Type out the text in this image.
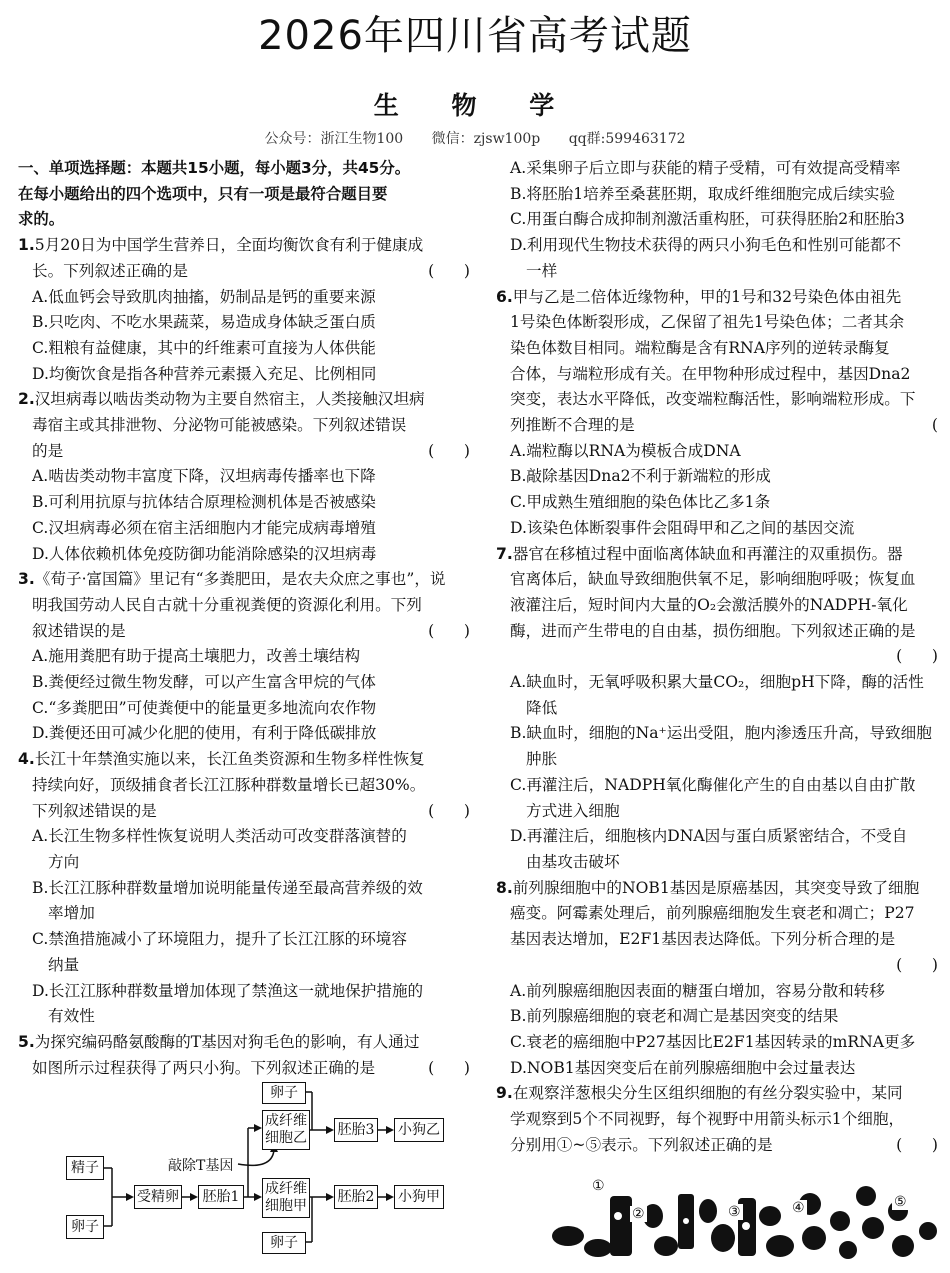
2026年四川省高考试题
生 物 学
公众号：浙江生物100 微信：zjsw100p qq群:599463172
一、单项选择题：本题共15小题，每小题3分，共45分。
在每小题给出的四个选项中，只有一项是最符合题目要
求的。
1.5月20日为中国学生营养日，全面均衡饮食有利于健康成
长。下列叙述正确的是	(      )
A.低血钙会导致肌肉抽搐，奶制品是钙的重要来源
B.只吃肉、不吃水果蔬菜，易造成身体缺乏蛋白质
C.粗粮有益健康，其中的纤维素可直接为人体供能
D.均衡饮食是指各种营养元素摄入充足、比例相同
2.汉坦病毒以啮齿类动物为主要自然宿主，人类接触汉坦病
毒宿主或其排泄物、分泌物可能被感染。下列叙述错误
的是	(      )
A.啮齿类动物丰富度下降，汉坦病毒传播率也下降
B.可利用抗原与抗体结合原理检测机体是否被感染
C.汉坦病毒必须在宿主活细胞内才能完成病毒增殖
D.人体依赖机体免疫防御功能消除感染的汉坦病毒
3.《荀子·富国篇》里记有“多粪肥田，是农夫众庶之事也”，说
明我国劳动人民自古就十分重视粪便的资源化利用。下列
叙述错误的是	(      )
A.施用粪肥有助于提高土壤肥力，改善土壤结构
B.粪便经过微生物发酵，可以产生富含甲烷的气体
C.“多粪肥田”可使粪便中的能量更多地流向农作物
D.粪便还田可减少化肥的使用，有利于降低碳排放
4.长江十年禁渔实施以来，长江鱼类资源和生物多样性恢复
持续向好，顶级捕食者长江江豚种群数量增长已超30%。
下列叙述错误的是	(      )
A.长江生物多样性恢复说明人类活动可改变群落演替的
方向
B.长江江豚种群数量增加说明能量传递至最高营养级的效
率增加
C.禁渔措施减小了环境阻力，提升了长江江豚的环境容
纳量
D.长江江豚种群数量增加体现了禁渔这一就地保护措施的
有效性
5.为探究编码酪氨酸酶的T基因对狗毛色的影响，有人通过
如图所示过程获得了两只小狗。下列叙述正确的是	(      )
精子
卵子
受精卵	胚胎1	成纤维细胞甲
成纤维细胞乙
卵子
卵子
敲除T基因
胚胎2
胚胎3
小狗甲
小狗乙
A.采集卵子后立即与获能的精子受精，可有效提高受精率
B.将胚胎1培养至桑葚胚期，取成纤维细胞完成后续实验
C.用蛋白酶合成抑制剂激活重构胚，可获得胚胎2和胚胎3
D.利用现代生物技术获得的两只小狗毛色和性别可能都不
一样
6.甲与乙是二倍体近缘物种，甲的1号和32号染色体由祖先
1号染色体断裂形成，乙保留了祖先1号染色体；二者其余
染色体数目相同。端粒酶是含有RNA序列的逆转录酶复
合体，与端粒形成有关。在甲物种形成过程中，基因Dna2
突变，表达水平降低，改变端粒酶活性，影响端粒形成。下
列推断不合理的是	(
A.端粒酶以RNA为模板合成DNA
B.敲除基因Dna2不利于新端粒的形成
C.甲成熟生殖细胞的染色体比乙多1条
D.该染色体断裂事件会阻碍甲和乙之间的基因交流
7.器官在移植过程中面临离体缺血和再灌注的双重损伤。器
官离体后，缺血导致细胞供氧不足，影响细胞呼吸；恢复血
液灌注后，短时间内大量的O₂会激活膜外的NADPH-氧化
酶，进而产生带电的自由基，损伤细胞。下列叙述正确的是
(      )
A.缺血时，无氧呼吸积累大量CO₂，细胞pH下降，酶的活性
降低
B.缺血时，细胞的Na⁺运出受阻，胞内渗透压升高，导致细胞
肿胀
C.再灌注后，NADPH氧化酶催化产生的自由基以自由扩散
方式进入细胞
D.再灌注后，细胞核内DNA因与蛋白质紧密结合，不受自
由基攻击破坏
8.前列腺细胞中的NOB1基因是原癌基因，其突变导致了细胞
癌变。阿霉素处理后，前列腺癌细胞发生衰老和凋亡；P27
基因表达增加，E2F1基因表达降低。下列分析合理的是
(      )
A.前列腺癌细胞因表面的糖蛋白增加，容易分散和转移
B.前列腺癌细胞的衰老和凋亡是基因突变的结果
C.衰老的癌细胞中P27基因比E2F1基因转录的mRNA更多
D.NOB1基因突变后在前列腺癌细胞中会过量表达
9.在观察洋葱根尖分生区组织细胞的有丝分裂实验中，某同
学观察到5个不同视野，每个视野中用箭头标示1个细胞，
分别用①~⑤表示。下列叙述正确的是	(      )
①
②	③	④	⑤
